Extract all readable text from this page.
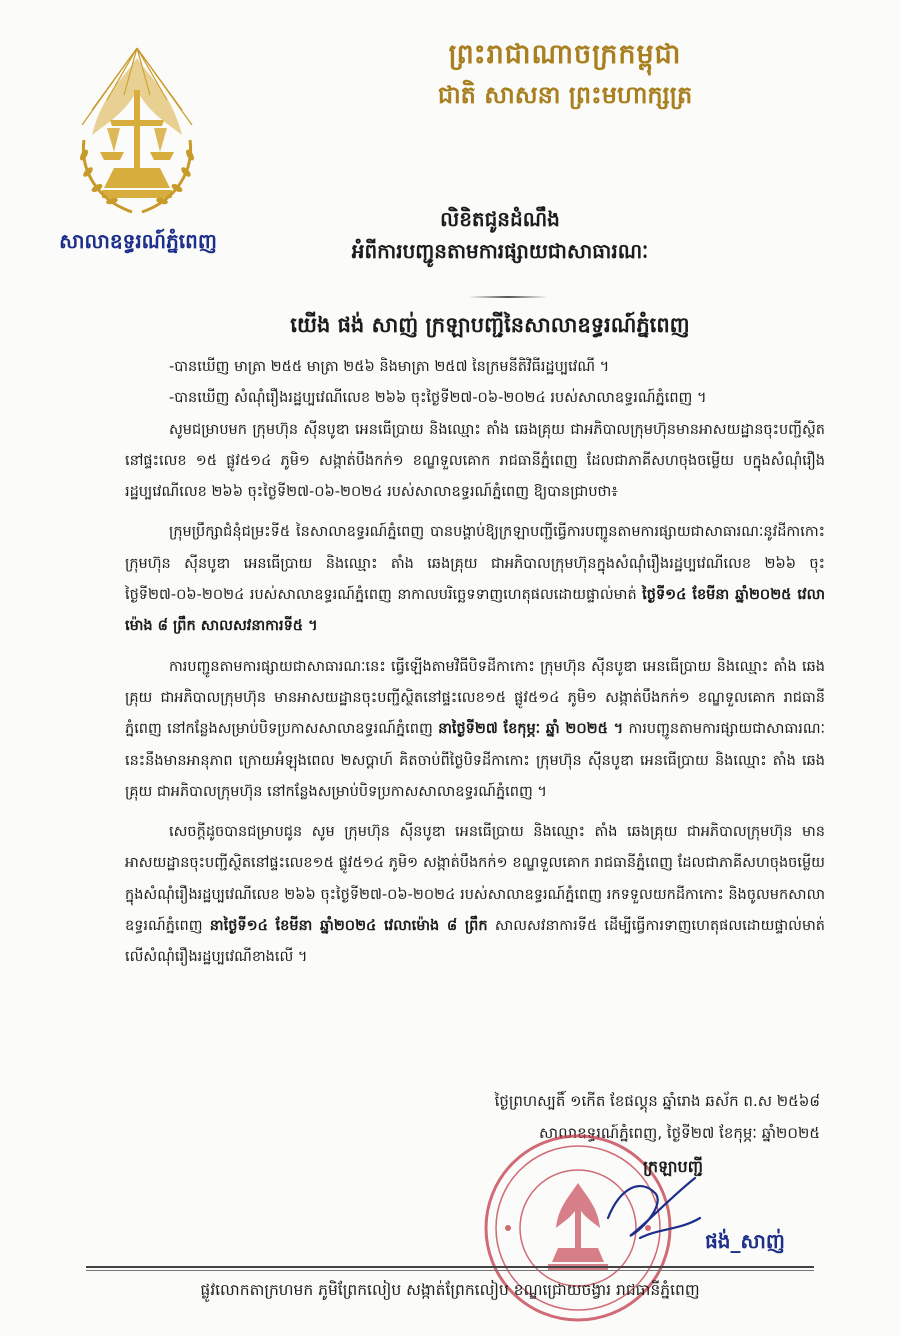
សាលាឧទ្ធរណ៍ភ្នំពេញ
ព្រះរាជាណាចក្រកម្ពុជា
ជាតិ សាសនា ព្រះមហាក្សត្រ
លិខិតជូនដំណឹង
អំពីការបញ្ជូនតាមការផ្សាយជាសាធារណៈ
យើង ផង់ សាញ់ ក្រឡាបញ្ជីនៃសាលាឧទ្ធរណ៍ភ្នំពេញ

-បានឃើញ មាត្រា ២៥៥ មាត្រា ២៥៦ និងមាត្រា ២៥៧ នៃក្រមនីតិវិធីរដ្ឋប្បវេណី ។

-បានឃើញ សំណុំរឿងរដ្ឋប្បវេណីលេខ ២៦៦ ចុះថ្ងៃទី២៧-០៦-២០២៤ របស់សាលាឧទ្ធរណ៍ភ្នំពេញ ។

សូមជម្រាបមក ក្រុមហ៊ុន ស៊ីនបូឌា អេនធើប្រាយ និងឈ្មោះ តាំង ឆេងគ្រុយ ជាអភិបាលក្រុមហ៊ុនមានអាសយដ្ឋានចុះបញ្ជីស្ថិតនៅផ្ទះលេខ ១៥ ផ្លូវ៥១៤ ភូមិ១ សង្កាត់បឹងកក់១ ខណ្ឌទួលគោក រាជធានីភ្នំពេញ ដែលជាភាគីសហចុងចម្លើយ បក្នុងសំណុំរឿងរដ្ឋប្បវេណីលេខ ២៦៦ ចុះថ្ងៃទី២៧-០៦-២០២៤ របស់សាលាឧទ្ធរណ៍ភ្នំពេញ ឱ្យបានជ្រាបថា៖

ក្រុមប្រឹក្សាជំនុំជម្រះទី៥ នៃសាលាឧទ្ធរណ៍ភ្នំពេញ បានបង្គាប់ឱ្យក្រឡាបញ្ជីធ្វើការបញ្ជូនតាមការផ្សាយជាសាធារណៈនូវដីកាកោះ ក្រុមហ៊ុន ស៊ីនបូឌា អេនធើប្រាយ និងឈ្មោះ តាំង ឆេងគ្រុយ ជាអភិបាលក្រុមហ៊ុនក្នុងសំណុំរឿងរដ្ឋប្បវេណីលេខ ២៦៦ ចុះថ្ងៃទី២៧-០៦-២០២៤ របស់សាលាឧទ្ធរណ៍ភ្នំពេញ នាកាលបរិច្ឆេទទាញហេតុផលដោយផ្ទាល់មាត់ ថ្ងៃទី១៤ ខែមីនា ឆ្នាំ២០២៥ វេលាម៉ោង ៨ ព្រឹក សាលសវនាការទី៥ ។

ការបញ្ជូនតាមការផ្សាយជាសាធារណៈនេះ ធ្វើឡើងតាមវិធីបិទដីកាកោះ ក្រុមហ៊ុន ស៊ីនបូឌា អេនធើប្រាយ និងឈ្មោះ តាំង ឆេងគ្រុយ ជាអភិបាលក្រុមហ៊ុន មានអាសយដ្ឋានចុះបញ្ជីស្ថិតនៅផ្ទះលេខ១៥ ផ្លូវ៥១៤ ភូមិ១ សង្កាត់បឹងកក់១ ខណ្ឌទួលគោក រាជធានីភ្នំពេញ នៅកន្លែងសម្រាប់បិទប្រកាសសាលាឧទ្ធរណ៍ភ្នំពេញ នាថ្ងៃទី២៧ ខែកុម្ភៈ ឆ្នាំ ២០២៥ ។ ការបញ្ជូនតាមការផ្សាយជាសាធារណៈនេះនឹងមានអានុភាព ក្រោយអំឡុងពេល ២សប្តាហ៍ គិតចាប់ពីថ្ងៃបិទដីកាកោះ ក្រុមហ៊ុន ស៊ីនបូឌា អេនធើប្រាយ និងឈ្មោះ តាំង ឆេងគ្រុយ ជាអភិបាលក្រុមហ៊ុន នៅកន្លែងសម្រាប់បិទប្រកាសសាលាឧទ្ធរណ៍ភ្នំពេញ ។

សេចក្តីដូចបានជម្រាបជូន សូម ក្រុមហ៊ុន ស៊ីនបូឌា អេនធើប្រាយ និងឈ្មោះ តាំង ឆេងគ្រុយ ជាអភិបាលក្រុមហ៊ុន មានអាសយដ្ឋានចុះបញ្ជីស្ថិតនៅផ្ទះលេខ១៥ ផ្លូវ៥១៤ ភូមិ១ សង្កាត់បឹងកក់១ ខណ្ឌទួលគោក រាជធានីភ្នំពេញ ដែលជាភាគីសហចុងចម្លើយក្នុងសំណុំរឿងរដ្ឋប្បវេណីលេខ ២៦៦ ចុះថ្ងៃទី២៧-០៦-២០២៤ របស់សាលាឧទ្ធរណ៍ភ្នំពេញ រកទទួលយកដីកាកោះ និងចូលមកសាលាឧទ្ធរណ៍ភ្នំពេញ នាថ្ងៃទី១៤ ខែមីនា ឆ្នាំ២០២៤ វេលាម៉ោង ៨ ព្រឹក សាលសវនាការទី៥ ដើម្បីធ្វើការទាញហេតុផលដោយផ្ទាល់មាត់ លើសំណុំរឿងរដ្ឋប្បវេណីខាងលើ ។

ថ្ងៃព្រហស្បតិ៍ ១កើត ខែផល្គុន ឆ្នាំរោង ឆស័ក ព.ស ២៥៦៨
សាលាឧទ្ធរណ៍ភ្នំពេញ, ថ្ងៃទី២៧ ខែកុម្ភៈ ឆ្នាំ២០២៥
ក្រឡាបញ្ជី
ផង់_សាញ់
ផ្លូវលោកតាក្រហមក ភូមិព្រែកលៀប សង្កាត់ព្រែកលៀប ខណ្ឌជ្រោយចង្វារ រាជធានីភ្នំពេញ
